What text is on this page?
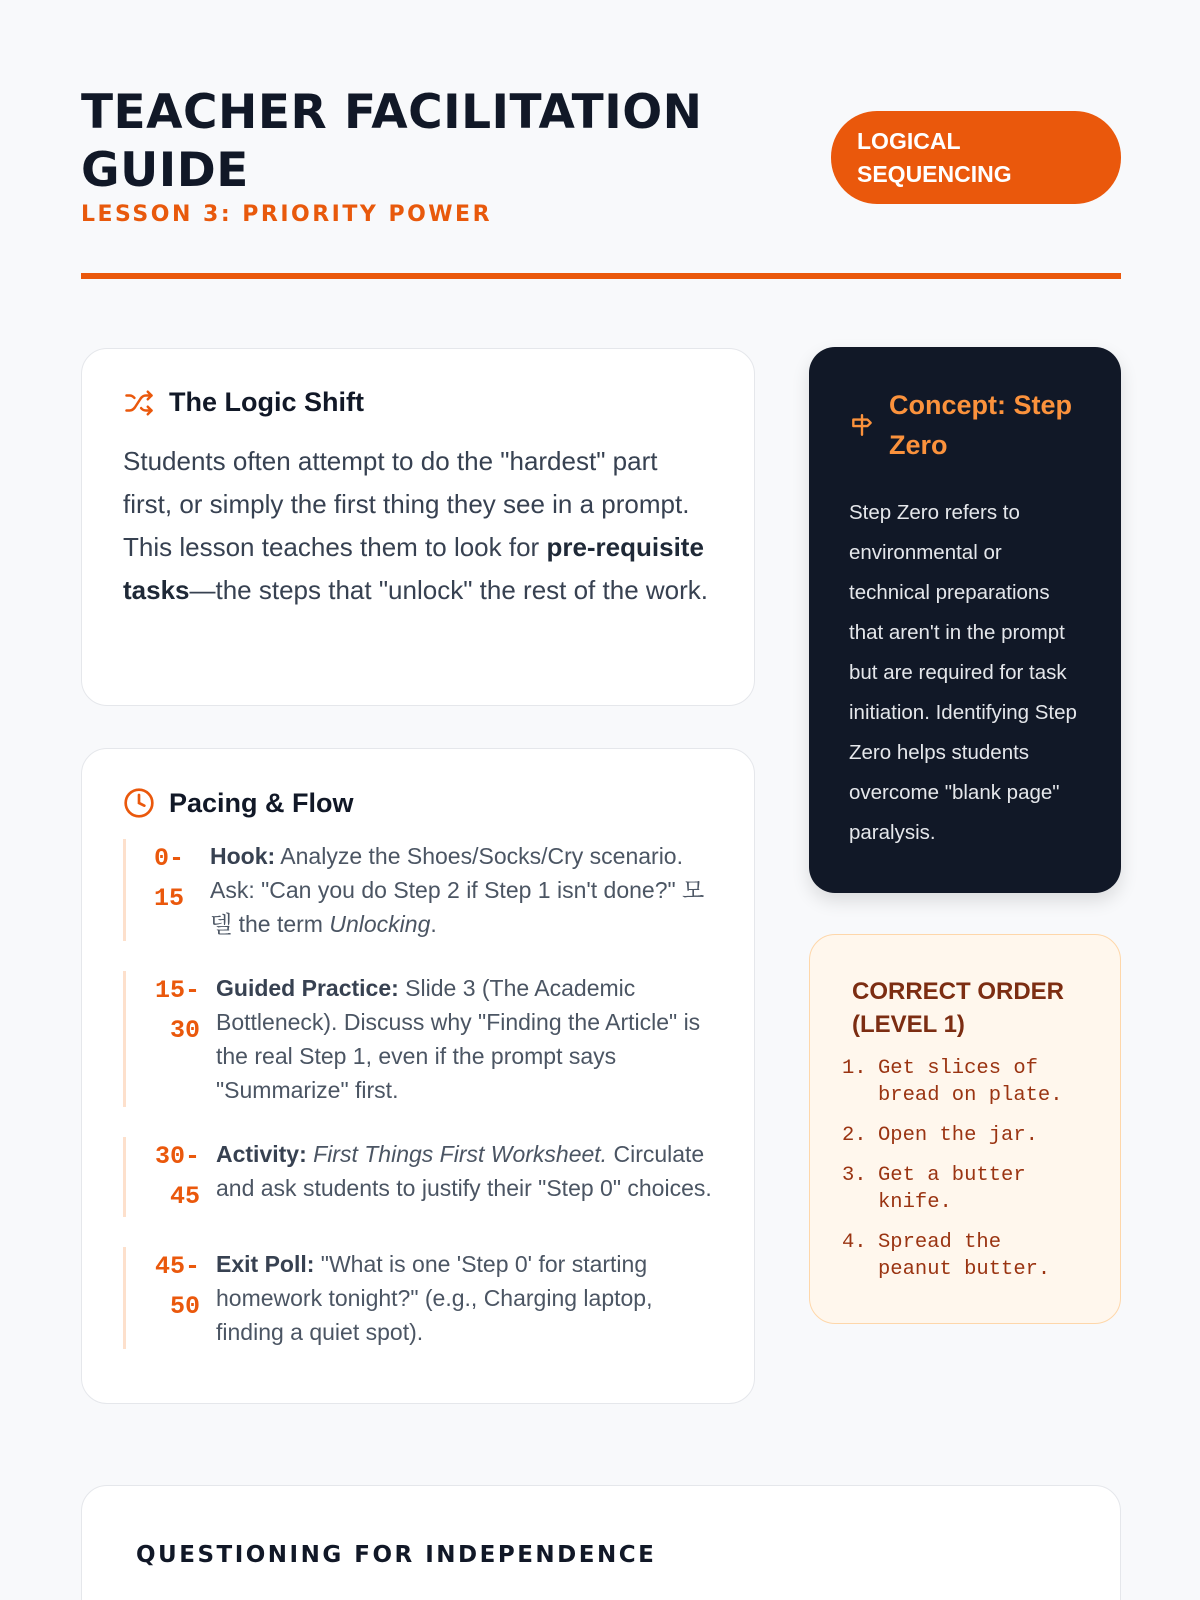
TEACHER FACILITATION GUIDE
LESSON 3: PRIORITY POWER
LOGICAL SEQUENCING
The Logic Shift

Students often attempt to do the "hardest" part first, or simply the first thing they see in a prompt. This lesson teaches them to look for pre-requisite tasks—the steps that "unlock" the rest of the work.

Pacing & Flow
0-
15
Hook: Analyze the Shoes/Socks/Cry scenario. Ask: "Can you do Step 2 if Step 1 isn't done?" 모델 the term Unlocking.
15-
30
Guided Practice: Slide 3 (The Academic Bottleneck). Discuss why "Finding the Article" is the real Step 1, even if the prompt says "Summarize" first.
30-
45
Activity: First Things First Worksheet. Circulate and ask students to justify their "Step 0" choices.
45-
50
Exit Poll: "What is one 'Step 0' for starting homework tonight?" (e.g., Charging laptop, finding a quiet spot).
Concept: Step Zero

Step Zero refers to environmental or technical preparations that aren't in the prompt but are required for task initiation. Identifying Step Zero helps students overcome "blank page" paralysis.

CORRECT ORDER (LEVEL 1)
1. Get slices of bread on plate.
2. Open the jar.
3. Get a butter knife.
4. Spread the peanut butter.
QUESTIONING FOR INDEPENDENCE
